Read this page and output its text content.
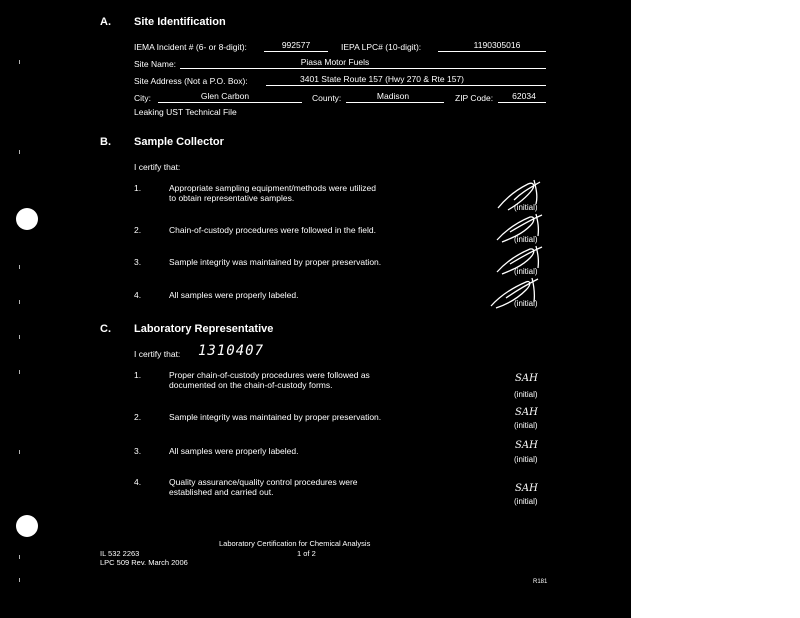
A. Site Identification
IEMA Incident # (6- or 8-digit):	992577	IEPA LPC# (10-digit):	1190305016
Site Name:	Piasa Motor Fuels
Site Address (Not a P.O. Box):	3401 State Route 157 (Hwy 270 & Rte 157)
City:	Glen Carbon	County:	Madison	ZIP Code:	62034
Leaking UST Technical File
B. Sample Collector
I certify that:
1.	Appropriate sampling equipment/methods were utilized
to obtain representative samples.
(initial)
2.	Chain-of-custody procedures were followed in the field.
(initial)
3.	Sample integrity was maintained by proper preservation.
(initial)
4.	All samples were properly labeled.
(initial)
C. Laboratory Representative
I certify that: 1310407
1.	Proper chain-of-custody procedures were followed as
documented on the chain-of-custody forms.
SAH
(initial)
2.	Sample integrity was maintained by proper preservation.	SAH
(initial)
3.	All samples were properly labeled.	SAH
(initial)
4.	Quality assurance/quality control procedures were
established and carried out.	SAH
(initial)
Laboratory Certification for Chemical Analysis
1 of 2
IL 532 2263
LPC 509 Rev. March 2006
R181
